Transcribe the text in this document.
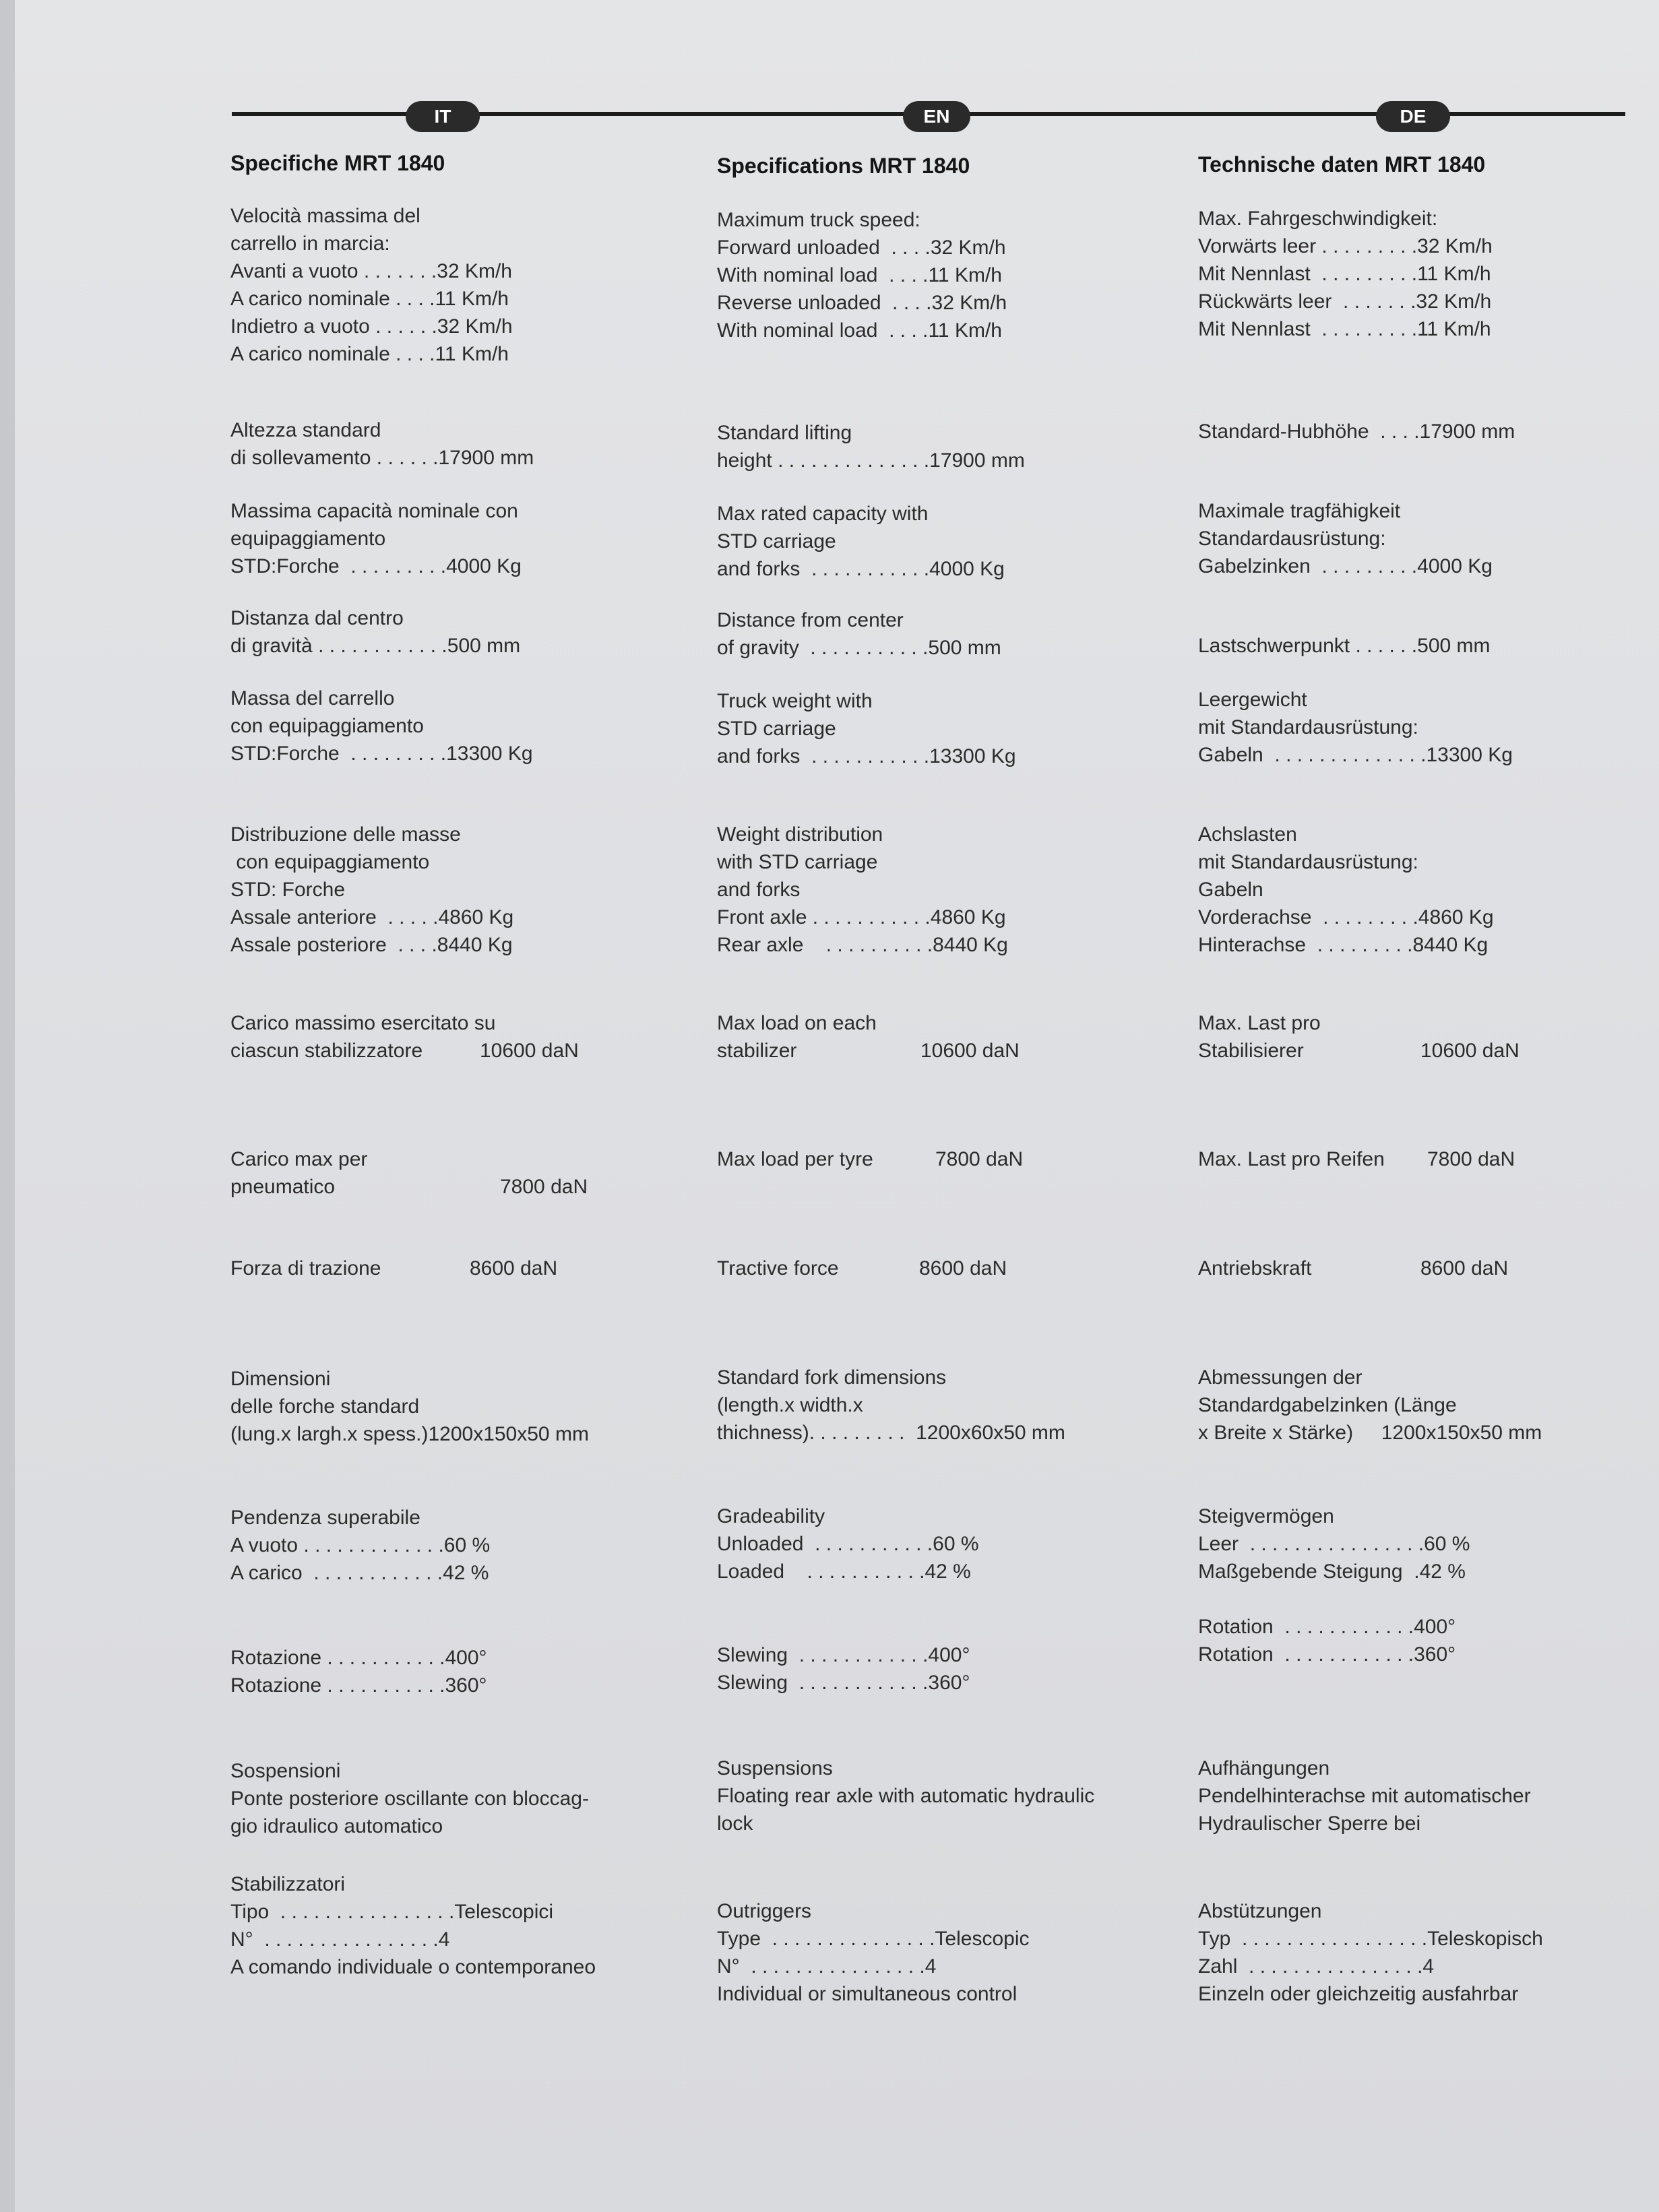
IT	EN	DE
Specifiche MRT 1840
Velocità massima del
carrello in marcia:
Avanti a vuoto . . . . . . .32 Km/h
A carico nominale . . . .11 Km/h
Indietro a vuoto . . . . . .32 Km/h
A carico nominale . . . .11 Km/h
Altezza standard
di sollevamento . . . . . .17900 mm
Massima capacità nominale con
equipaggiamento
STD:Forche  . . . . . . . . .4000 Kg
Distanza dal centro
di gravità . . . . . . . . . . . .500 mm
Massa del carrello
con equipaggiamento
STD:Forche  . . . . . . . . .13300 Kg
Distribuzione delle masse
con equipaggiamento
STD: Forche
Assale anteriore  . . . . .4860 Kg
Assale posteriore  . . . .8440 Kg
Carico massimo esercitato su
ciascun stabilizzatore	10600 daN
Carico max per
pneumatico	7800 daN
Forza di trazione	8600 daN
Dimensioni
delle forche standard
(lung.x largh.x spess.)1200x150x50 mm
Pendenza superabile
A vuoto . . . . . . . . . . . . .60 %
A carico  . . . . . . . . . . . .42 %
Rotazione . . . . . . . . . . .400°
Rotazione . . . . . . . . . . .360°
Sospensioni
Ponte posteriore oscillante con bloccag-
gio idraulico automatico
Stabilizzatori
Tipo  . . . . . . . . . . . . . . . .Telescopici
N°  . . . . . . . . . . . . . . . .4
A comando individuale o contemporaneo
Specifications MRT 1840
Maximum truck speed:
Forward unloaded  . . . .32 Km/h
With nominal load  . . . .11 Km/h
Reverse unloaded  . . . .32 Km/h
With nominal load  . . . .11 Km/h
Standard lifting
height . . . . . . . . . . . . . .17900 mm
Max rated capacity with
STD carriage
and forks  . . . . . . . . . . .4000 Kg
Distance from center
of gravity  . . . . . . . . . . .500 mm
Truck weight with
STD carriage
and forks  . . . . . . . . . . .13300 Kg
Weight distribution
with STD carriage
and forks
Front axle . . . . . . . . . . .4860 Kg
Rear axle    . . . . . . . . . .8440 Kg
Max load on each
stabilizer	10600 daN
Max load per tyre	7800 daN
Tractive force	8600 daN
Standard fork dimensions
(length.x width.x
thichness). . . . . . . . .  1200x60x50 mm
Gradeability
Unloaded  . . . . . . . . . . .60 %
Loaded    . . . . . . . . . . .42 %
Slewing  . . . . . . . . . . . .400°
Slewing  . . . . . . . . . . . .360°
Suspensions
Floating rear axle with automatic hydraulic
lock
Outriggers
Type  . . . . . . . . . . . . . . .Telescopic
N°  . . . . . . . . . . . . . . . .4
Individual or simultaneous control
Technische daten MRT 1840
Max. Fahrgeschwindigkeit:
Vorwärts leer . . . . . . . . .32 Km/h
Mit Nennlast  . . . . . . . . .11 Km/h
Rückwärts leer  . . . . . . .32 Km/h
Mit Nennlast  . . . . . . . . .11 Km/h
Standard-Hubhöhe  . . . .17900 mm
Maximale tragfähigkeit
Standardausrüstung:
Gabelzinken  . . . . . . . . .4000 Kg
Lastschwerpunkt . . . . . .500 mm
Leergewicht
mit Standardausrüstung:
Gabeln  . . . . . . . . . . . . . .13300 Kg
Achslasten
mit Standardausrüstung:
Gabeln
Vorderachse  . . . . . . . . .4860 Kg
Hinterachse  . . . . . . . . .8440 Kg
Max. Last pro
Stabilisierer	10600 daN
Max. Last pro Reifen	7800 daN
Antriebskraft	8600 daN
Abmessungen der
Standardgabelzinken (Länge
x Breite x Stärke)     1200x150x50 mm
Steigvermögen
Leer  . . . . . . . . . . . . . . . .60 %
Maßgebende Steigung  .42 %
Rotation  . . . . . . . . . . . .400°
Rotation  . . . . . . . . . . . .360°
Aufhängungen
Pendelhinterachse mit automatischer
Hydraulischer Sperre bei
Abstützungen
Typ  . . . . . . . . . . . . . . . . .Teleskopisch
Zahl  . . . . . . . . . . . . . . . .4
Einzeln oder gleichzeitig ausfahrbar
